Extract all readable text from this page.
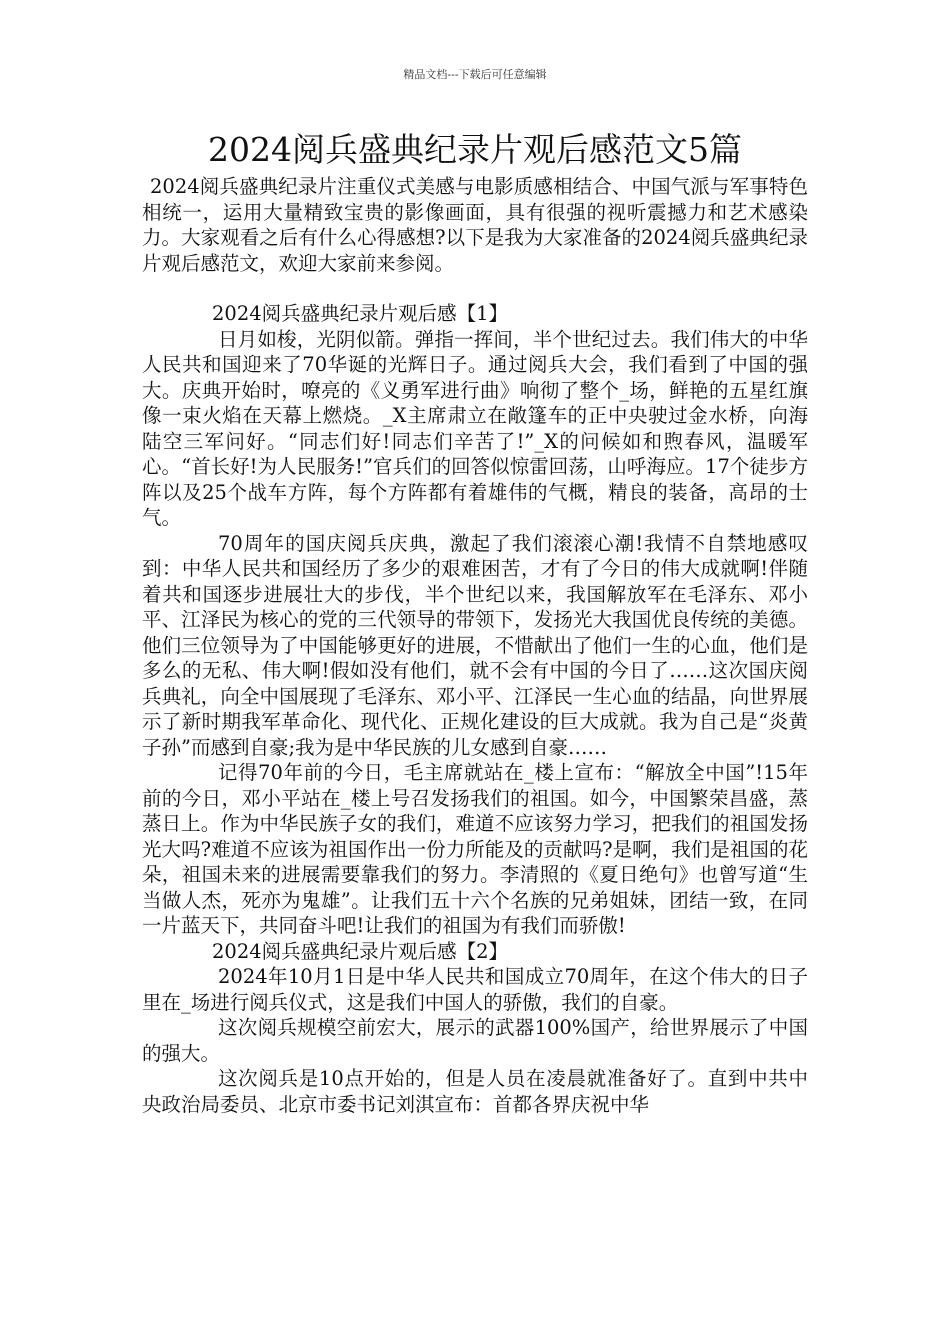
精品文档---下载后可任意编辑
2024阅兵盛典纪录片观后感范文5篇

2024阅兵盛典纪录片注重仪式美感与电影质感相结合、中国气派与军事特色相统一，运用大量精致宝贵的影像画面，具有很强的视听震撼力和艺术感染力。大家观看之后有什么心得感想?以下是我为大家准备的2024阅兵盛典纪录片观后感范文，欢迎大家前来参阅。

2024阅兵盛典纪录片观后感【1】

日月如梭，光阴似箭。弹指一挥间，半个世纪过去。我们伟大的中华人民共和国迎来了70华诞的光辉日子。通过阅兵大会，我们看到了中国的强大。庆典开始时，嘹亮的《义勇军进行曲》响彻了整个_场，鲜艳的五星红旗像一束火焰在天幕上燃烧。_X主席肃立在敞篷车的正中央驶过金水桥，向海陆空三军问好。“同志们好!同志们辛苦了!”_X的问候如和煦春风，温暖军心。“首长好!为人民服务!”官兵们的回答似惊雷回荡，山呼海应。17个徒步方阵以及25个战车方阵，每个方阵都有着雄伟的气概，精良的装备，高昂的士气。

70周年的国庆阅兵庆典，激起了我们滚滚心潮!我情不自禁地感叹到：中华人民共和国经历了多少的艰难困苦，才有了今日的伟大成就啊!伴随着共和国逐步进展壮大的步伐，半个世纪以来，我国解放军在毛泽东、邓小平、江泽民为核心的党的三代领导的带领下，发扬光大我国优良传统的美德。他们三位领导为了中国能够更好的进展，不惜献出了他们一生的心血，他们是多么的无私、伟大啊!假如没有他们，就不会有中国的今日了……这次国庆阅兵典礼，向全中国展现了毛泽东、邓小平、江泽民一生心血的结晶，向世界展示了新时期我军革命化、现代化、正规化建设的巨大成就。我为自己是“炎黄子孙”而感到自豪;我为是中华民族的儿女感到自豪……

记得70年前的今日，毛主席就站在_楼上宣布：“解放全中国”!15年前的今日，邓小平站在_楼上号召发扬我们的祖国。如今，中国繁荣昌盛，蒸蒸日上。作为中华民族子女的我们，难道不应该努力学习，把我们的祖国发扬光大吗?难道不应该为祖国作出一份力所能及的贡献吗?是啊，我们是祖国的花朵，祖国未来的进展需要靠我们的努力。李清照的《夏日绝句》也曾写道“生当做人杰，死亦为鬼雄”。让我们五十六个名族的兄弟姐妹，团结一致，在同一片蓝天下，共同奋斗吧!让我们的祖国为有我们而骄傲!

2024阅兵盛典纪录片观后感【2】

2024年10月1日是中华人民共和国成立70周年，在这个伟大的日子里在_场进行阅兵仪式，这是我们中国人的骄傲，我们的自豪。

这次阅兵规模空前宏大，展示的武器100%国产，给世界展示了中国的强大。

这次阅兵是10点开始的，但是人员在凌晨就准备好了。直到中共中央政治局委员、北京市委书记刘淇宣布：首都各界庆祝中华
